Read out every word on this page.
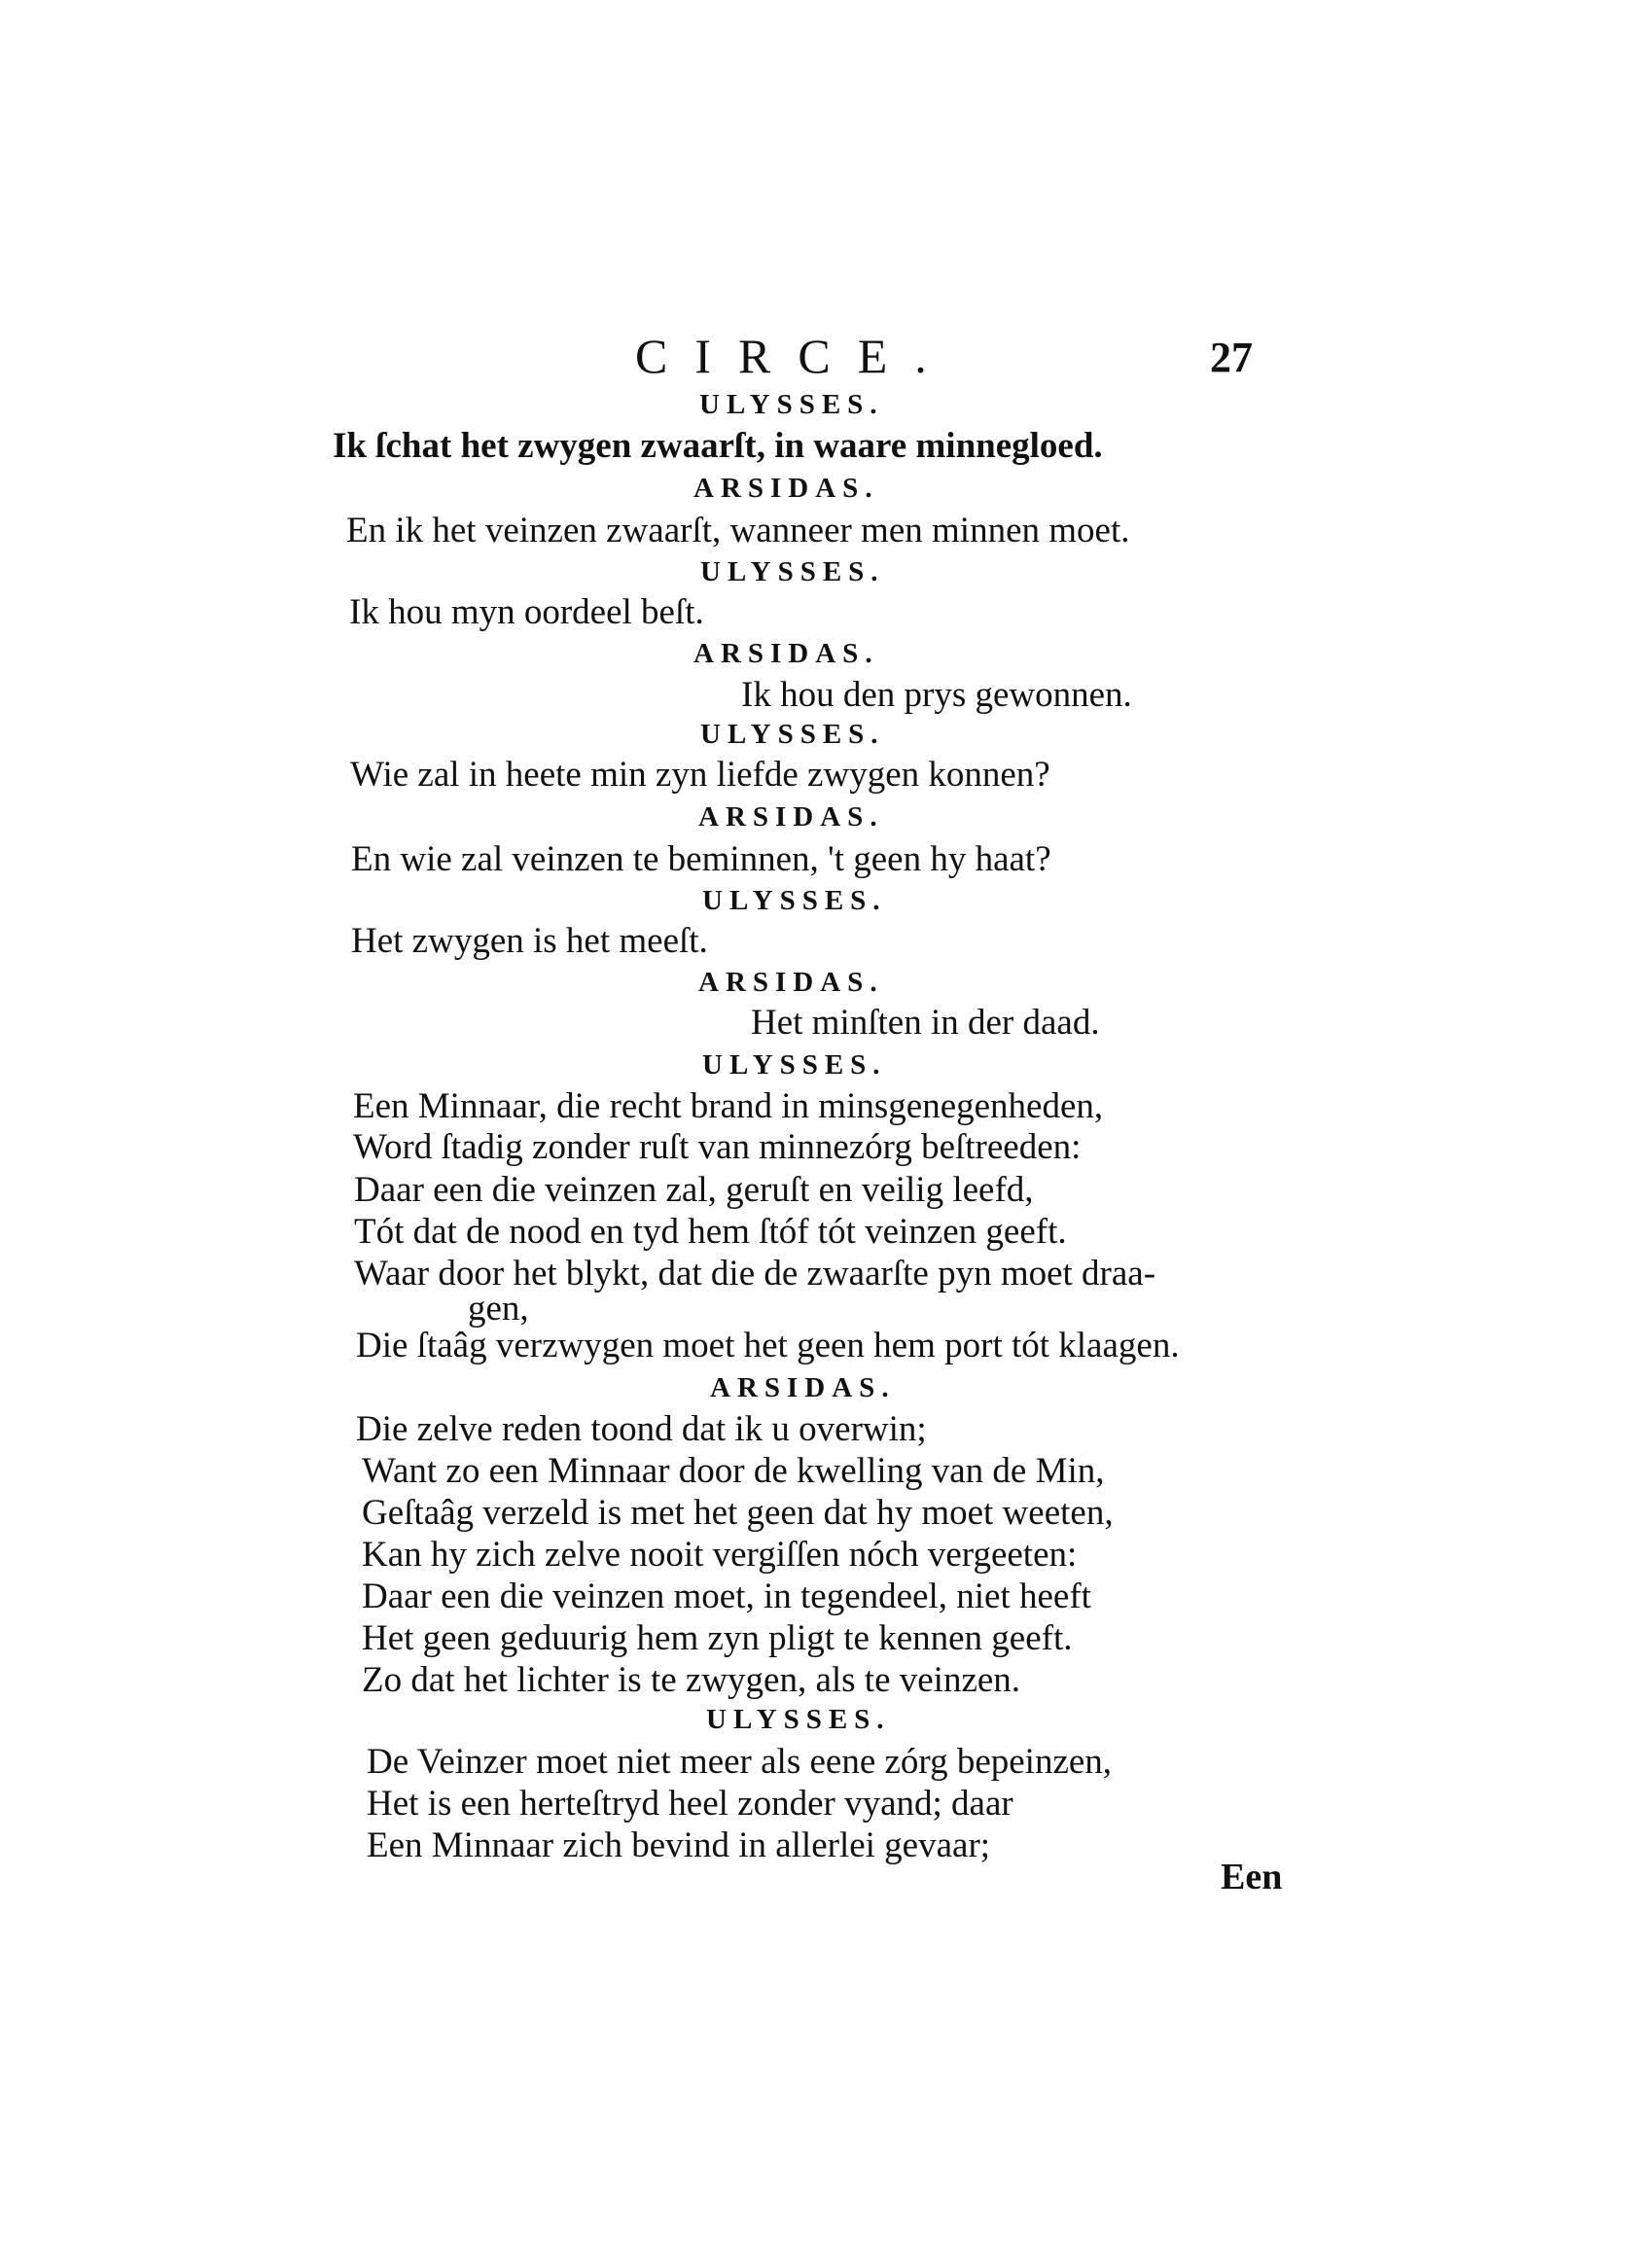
CIRCE.	27
ULYSSES.
Ik ſchat het zwygen zwaarſt, in waare minnegloed.
ARSIDAS.
En ik het veinzen zwaarſt, wanneer men minnen moet.
ULYSSES.
Ik hou myn oordeel beſt.
ARSIDAS.
Ik hou den prys gewonnen.
ULYSSES.
Wie zal in heete min zyn liefde zwygen konnen?
ARSIDAS.
En wie zal veinzen te beminnen, 't geen hy haat?
ULYSSES.
Het zwygen is het meeſt.
ARSIDAS.
Het minſten in der daad.
ULYSSES.
Een Minnaar, die recht brand in minsgenegenheden,
Word ſtadig zonder ruſt van minnezórg beſtreeden:
Daar een die veinzen zal, geruſt en veilig leefd,
Tót dat de nood en tyd hem ſtóf tót veinzen geeft.
Waar door het blykt, dat die de zwaarſte pyn moet draa-
gen,
Die ſtaâg verzwygen moet het geen hem port tót klaagen.
ARSIDAS.
Die zelve reden toond dat ik u overwin;
Want zo een Minnaar door de kwelling van de Min,
Geſtaâg verzeld is met het geen dat hy moet weeten,
Kan hy zich zelve nooit vergiſſen nóch vergeeten:
Daar een die veinzen moet, in tegendeel, niet heeft
Het geen geduurig hem zyn pligt te kennen geeft.
Zo dat het lichter is te zwygen, als te veinzen.
ULYSSES.
De Veinzer moet niet meer als eene zórg bepeinzen,
Het is een herteſtryd heel zonder vyand; daar
Een Minnaar zich bevind in allerlei gevaar;
Een
